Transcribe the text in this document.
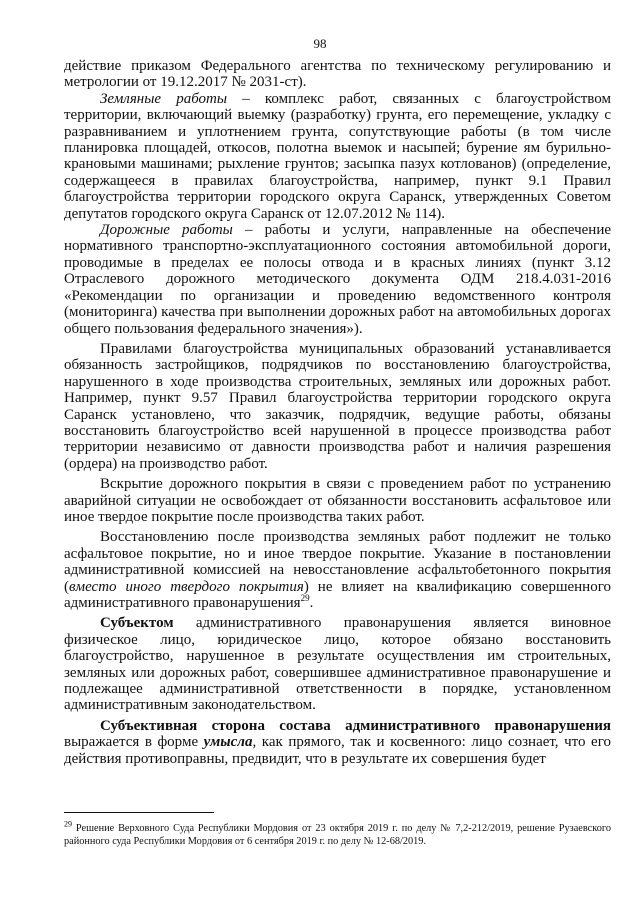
98

действие приказом Федерального агентства по техническому регулированию и метрологии от 19.12.2017 № 2031-ст).

Земляные работы – комплекс работ, связанных с благоустройством территории, включающий выемку (разработку) грунта, его перемещение, укладку с разравниванием и уплотнением грунта, сопутствующие работы (в том числе планировка площадей, откосов, полотна выемок и насыпей; бурение ям бурильно-крановыми машинами; рыхление грунтов; засыпка пазух котлованов) (определение, содержащееся в правилах благоустройства, например, пункт 9.1 Правил благоустройства территории городского округа Саранск, утвержденных Советом депутатов городского округа Саранск от 12.07.2012 № 114).

Дорожные работы – работы и услуги, направленные на обеспечение нормативного транспортно-эксплуатационного состояния автомобильной дороги, проводимые в пределах ее полосы отвода и в красных линиях (пункт 3.12 Отраслевого дорожного методического документа ОДМ 218.4.031-2016 «Рекомендации по организации и проведению ведомственного контроля (мониторинга) качества при выполнении дорожных работ на автомобильных дорогах общего пользования федерального значения»).

Правилами благоустройства муниципальных образований устанавливается обязанность застройщиков, подрядчиков по восстановлению благоустройства, нарушенного в ходе производства строительных, земляных или дорожных работ. Например, пункт 9.57 Правил благоустройства территории городского округа Саранск установлено, что заказчик, подрядчик, ведущие работы, обязаны восстановить благоустройство всей нарушенной в процессе производства работ территории независимо от давности производства работ и наличия разрешения (ордера) на производство работ.

Вскрытие дорожного покрытия в связи с проведением работ по устранению аварийной ситуации не освобождает от обязанности восстановить асфальтовое или иное твердое покрытие после производства таких работ.

Восстановлению после производства земляных работ подлежит не только асфальтовое покрытие, но и иное твердое покрытие. Указание в постановлении административной комиссией на невосстановление асфальтобетонного покрытия (вместо иного твердого покрытия) не влияет на квалификацию совершенного административного правонарушения$^{29}$.

Субъектом административного правонарушения является виновное физическое лицо, юридическое лицо, которое обязано восстановить благоустройство, нарушенное в результате осуществления им строительных, земляных или дорожных работ, совершившее административное правонарушение и подлежащее административной ответственности в порядке, установленном административным законодательством.

Субъективная сторона состава административного правонарушения выражается в форме умысла, как прямого, так и косвенного: лицо сознает, что его действия противоправны, предвидит, что в результате их совершения будет

$^{29}$ Решение Верховного Суда Республики Мордовия от 23 октября 2019 г. по делу № 7,2-212/2019, решение Рузаевского районного суда Республики Мордовия от 6 сентября 2019 г. по делу № 12-68/2019.
